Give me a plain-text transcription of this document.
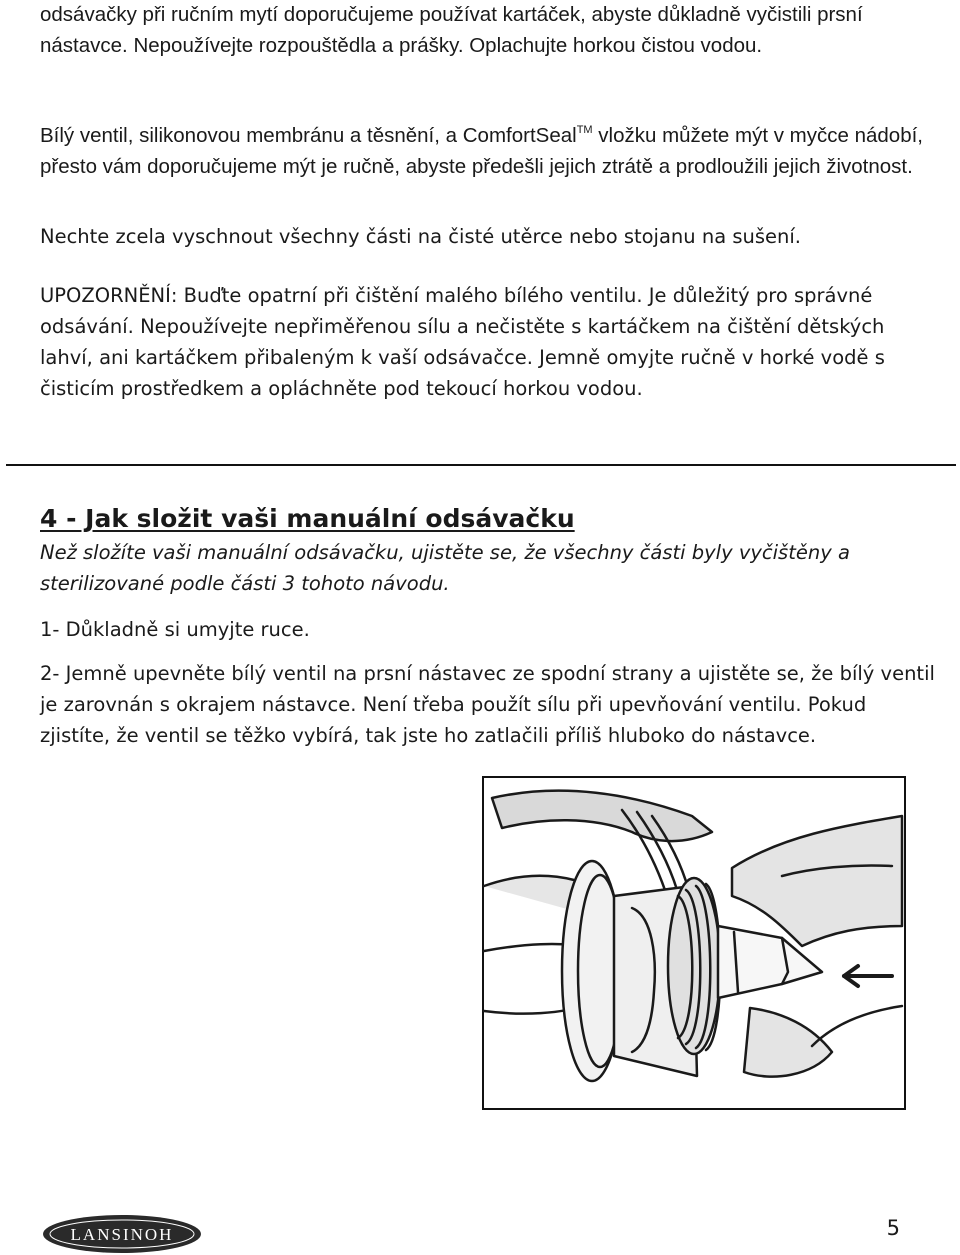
odsávačky při ručním mytí doporučujeme používat kartáček, abyste důkladně vyčistili prsní nástavce. Nepoužívejte rozpouštědla a prášky. Oplachujte horkou čistou vodou.

Bílý ventil, silikonovou membránu a těsnění, a ComfortSeal™ vložku můžete mýt v myčce nádobí, přesto vám doporučujeme mýt je ručně, abyste předešli jejich ztrátě a prodloužili jejich životnost.

Nechte zcela vyschnout všechny části na čisté utěrce nebo stojanu na sušení.

UPOZORNĚNÍ: Buďte opatrní při čištění malého bílého ventilu. Je důležitý pro správné odsávání. Nepoužívejte nepřiměřenou sílu a nečistěte s kartáčkem na čištění dětských lahví, ani kartáčkem přibaleným k vaší odsávačce. Jemně omyjte ručně v horké vodě s čisticím prostředkem a opláchněte pod tekoucí horkou vodou.

4 - Jak složit vaši manuální odsávačku

Než složíte vaši manuální odsávačku, ujistěte se, že všechny části byly vyčištěny a sterilizované podle části 3 tohoto návodu.

1- Důkladně si umyjte ruce.

2- Jemně upevněte bílý ventil na prsní nástavec ze spodní strany a ujistěte se, že bílý ventil je zarovnán s okrajem nástavce. Není třeba použít sílu při upevňování ventilu. Pokud zjistíte, že ventil se těžko vybírá, tak jste ho zatlačili příliš hluboko do nástavce.

LANSINOH	5
